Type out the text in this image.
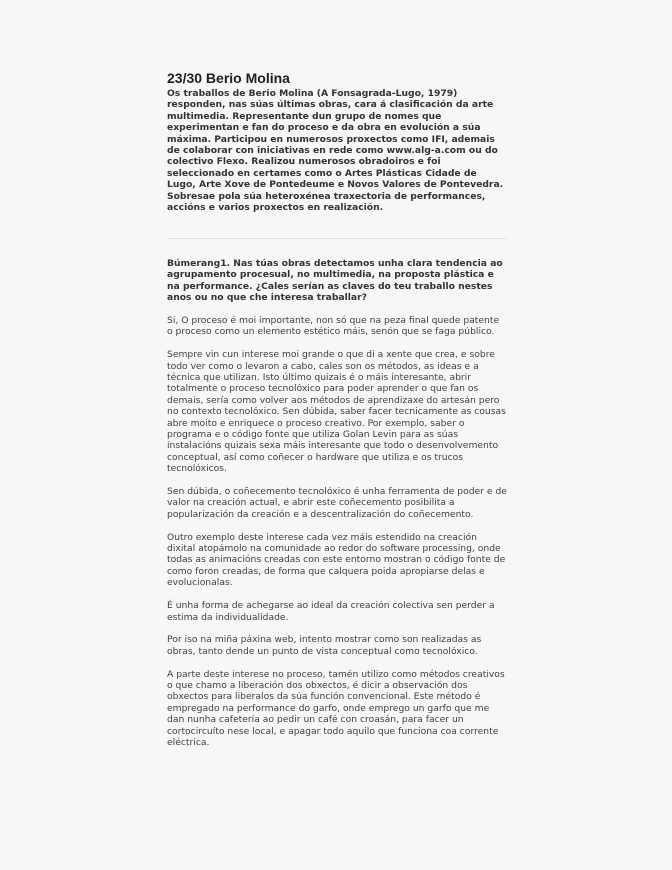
23/30 Berio Molina

Os traballos de Berio Molina (A Fonsagrada-Lugo, 1979) responden, nas súas últimas obras, cara á clasificación da arte multimedia. Representante dun grupo de nomes que experimentan e fan do proceso e da obra en evolución a súa máxima. Participou en numerosos proxectos como IFI, ademais de colaborar con iniciativas en rede como www.alg-a.com ou do colectivo Flexo. Realizou numerosos obradoiros e foi seleccionado en certames como o Artes Plásticas Cidade de Lugo, Arte Xove de Pontedeume e Novos Valores de Pontevedra. Sobresae pola súa heteroxénea traxectoria de performances, accións e varios proxectos en realización.

Búmerang1. Nas túas obras detectamos unha clara tendencia ao agrupamento procesual, no multimedia, na proposta plástica e na performance. ¿Cales serían as claves do teu traballo nestes anos ou no que che interesa traballar?

Si, O proceso é moi importante, non só que na peza final quede patente o proceso como un elemento estético máis, senón que se faga público.

Sempre vin cun interese moi grande o que di a xente que crea, e sobre todo ver como o levaron a cabo, cales son os métodos, as ideas e a técnica que utilizan. Isto último quizais é o máis interesante, abrir totalmente o proceso tecnolóxico para poder aprender o que fan os demais, sería como volver aos métodos de aprendizaxe do artesán pero no contexto tecnolóxico. Sen dúbida, saber facer tecnicamente as cousas abre moito e enriquece o proceso creativo. Por exemplo, saber o programa e o código fonte que utiliza Golan Levin para as súas instalacións quizais sexa máis interesante que todo o desenvolvemento conceptual, así como coñecer o hardware que utiliza e os trucos tecnolóxicos.

Sen dúbida, o coñecemento tecnolóxico é unha ferramenta de poder e de valor na creación actual, e abrir este coñecemento posibilita a popularización da creación e a descentralización do coñecemento.

Outro exemplo deste interese cada vez máis estendido na creación dixital atopámolo na comunidade ao redor do software processing, onde todas as animacións creadas con este entorno mostran o código fonte de como foron creadas, de forma que calquera poida apropiarse delas e evolucionalas.

É unha forma de achegarse ao ideal da creación colectiva sen perder a estima da individualidade.

Por iso na miña páxina web, intento mostrar como son realizadas as obras, tanto dende un punto de vista conceptual como tecnolóxico.

A parte deste interese no proceso, tamén utilizo como métodos creativos o que chamo a liberación dos obxectos, é dicir a observación dos obxectos para liberalos da súa función convencional. Este método é empregado na performance do garfo, onde emprego un garfo que me dan nunha cafetería ao pedir un café con croasán, para facer un cortocircuíto nese local, e apagar todo aquilo que funciona coa corrente eléctrica.
